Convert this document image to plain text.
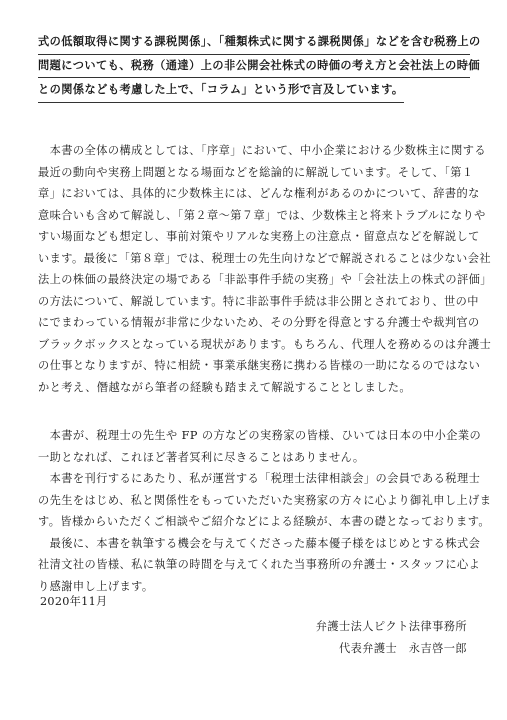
式の低額取得に関する課税関係」、「種類株式に関する課税関係」などを含む税務上の
問題についても、税務（通達）上の非公開会社株式の時価の考え方と会社法上の時価
との関係なども考慮した上で、「コラム」という形で言及しています。
　本書の全体の構成としては、「序章」において、中小企業における少数株主に関する
最近の動向や実務上問題となる場面などを総論的に解説しています。そして、「第１
章」においては、具体的に少数株主には、どんな権利があるのかについて、辞書的な
意味合いも含めて解説し、「第２章～第７章」では、少数株主と将来トラブルになりや
すい場面なども想定し、事前対策やリアルな実務上の注意点・留意点などを解説して
います。最後に「第８章」では、税理士の先生向けなどで解説されることは少ない会社
法上の株価の最終決定の場である「非訟事件手続の実務」や「会社法上の株式の評価」
の方法について、解説しています。特に非訟事件手続は非公開とされており、世の中
にでまわっている情報が非常に少ないため、その分野を得意とする弁護士や裁判官の
ブラックボックスとなっている現状があります。もちろん、代理人を務めるのは弁護士
の仕事となりますが、特に相続・事業承継実務に携わる皆様の一助になるのではない
かと考え、僭越ながら筆者の経験も踏まえて解説することとしました。
　本書が、税理士の先生や FP の方などの実務家の皆様、ひいては日本の中小企業の
一助となれば、これほど著者冥利に尽きることはありません。
　本書を刊行するにあたり、私が運営する「税理士法律相談会」の会員である税理士
の先生をはじめ、私と関係性をもっていただいた実務家の方々に心より御礼申し上げま
す。皆様からいただくご相談やご紹介などによる経験が、本書の礎となっております。
　最後に、本書を執筆する機会を与えてくださった藤本優子様をはじめとする株式会
社清文社の皆様、私に執筆の時間を与えてくれた当事務所の弁護士・スタッフに心よ
り感謝申し上げます。
2020年11月
弁護士法人ピクト法律事務所
代表弁護士　永吉啓一郎
